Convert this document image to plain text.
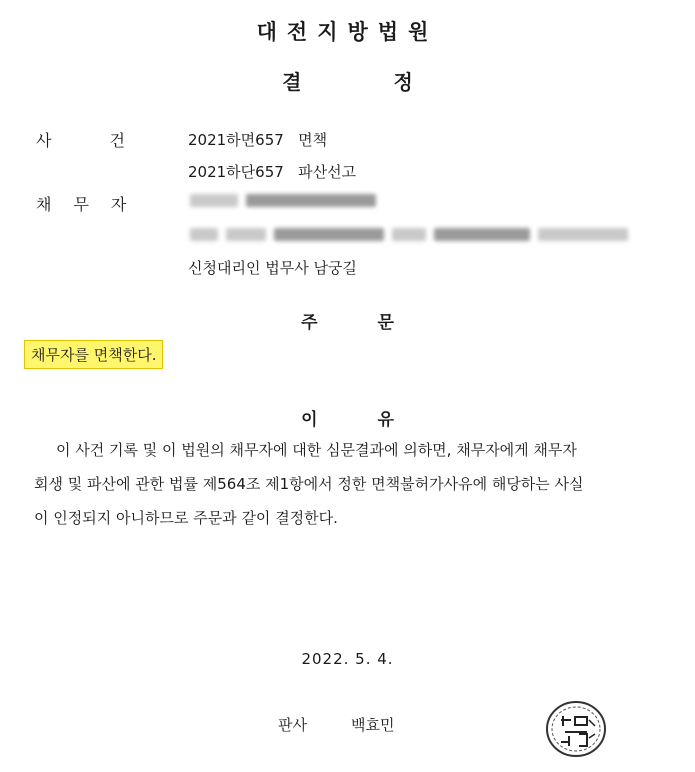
대전지방법원
결정
사건 2021하면657   면책
2021하단657   파산선고
채무자
신청대리인 법무사 남궁길
주문
채무자를 면책한다.
이유
이 사건 기록 및 이 법원의 채무자에 대한 심문결과에 의하면, 채무자에게 채무자
회생 및 파산에 관한 법률 제564조 제1항에서 정한 면책불허가사유에 해당하는 사실
이 인정되지 아니하므로 주문과 같이 결정한다.
2022. 5. 4.
판사	백효민
